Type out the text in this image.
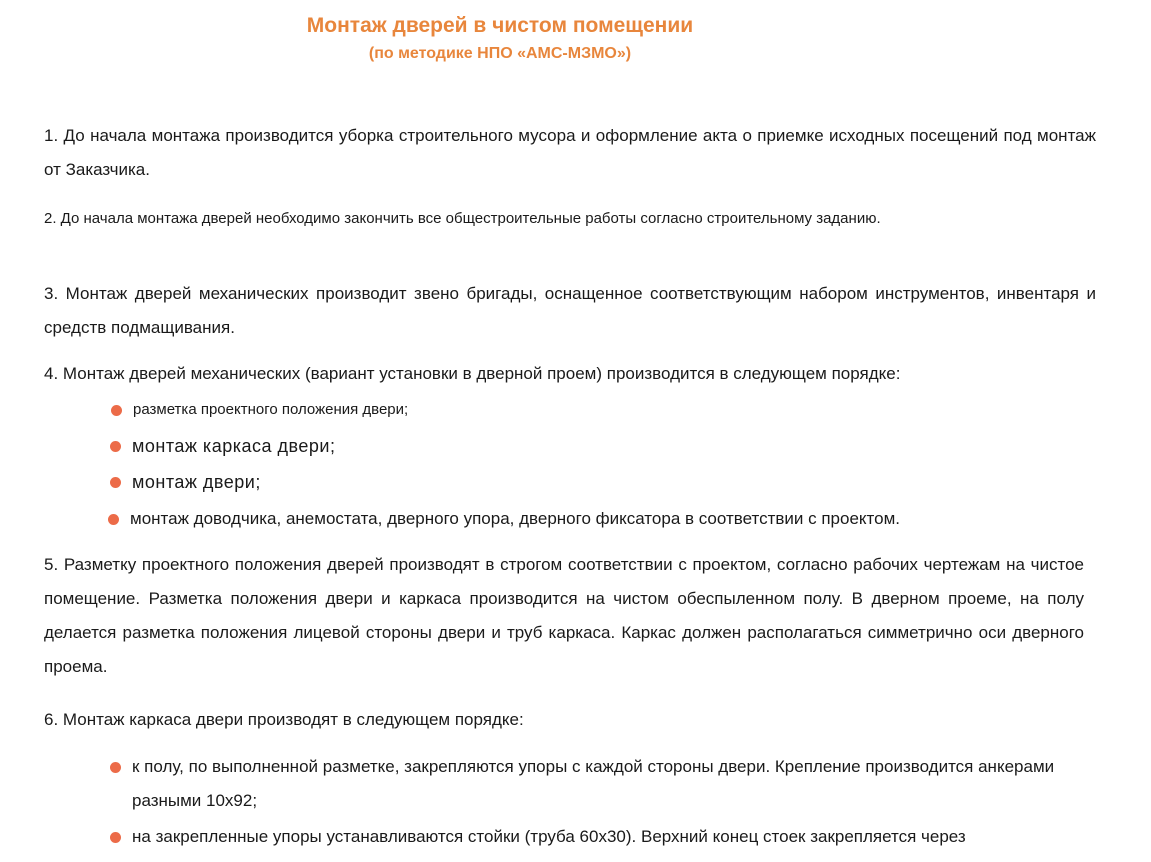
Монтаж дверей в чистом помещении
(по методике НПО «АМС-МЗМО»)

1. До начала монтажа производится уборка строительного мусора и оформление акта о приемке исходных посещений под монтаж от Заказчика.

2. До начала монтажа дверей необходимо закончить все общестроительные работы согласно строительному заданию.

3. Монтаж дверей механических производит звено бригады, оснащенное соответствующим набором инструментов, инвентаря и средств подмащивания.

4. Монтаж дверей механических (вариант установки в дверной проем) производится в следующем порядке:

разметка проектного положения двери;
монтаж каркаса двери;
монтаж двери;
монтаж доводчика, анемостата, дверного упора, дверного фиксатора в соответствии с проектом.

5. Разметку проектного положения дверей производят в строгом соответствии с проектом, согласно рабочих чертежам на чистое помещение. Разметка положения двери и каркаса производится на чистом обеспыленном полу. В дверном проеме, на полу делается разметка положения лицевой стороны двери и труб каркаса. Каркас должен располагаться симметрично оси дверного проема.

6. Монтаж каркаса двери производят в следующем порядке:

к полу, по выполненной разметке, закрепляются упоры с каждой стороны двери. Крепление производится анкерами разными 10х92;
на закрепленные упоры устанавливаются стойки (труба 60х30). Верхний конец стоек закрепляется через
